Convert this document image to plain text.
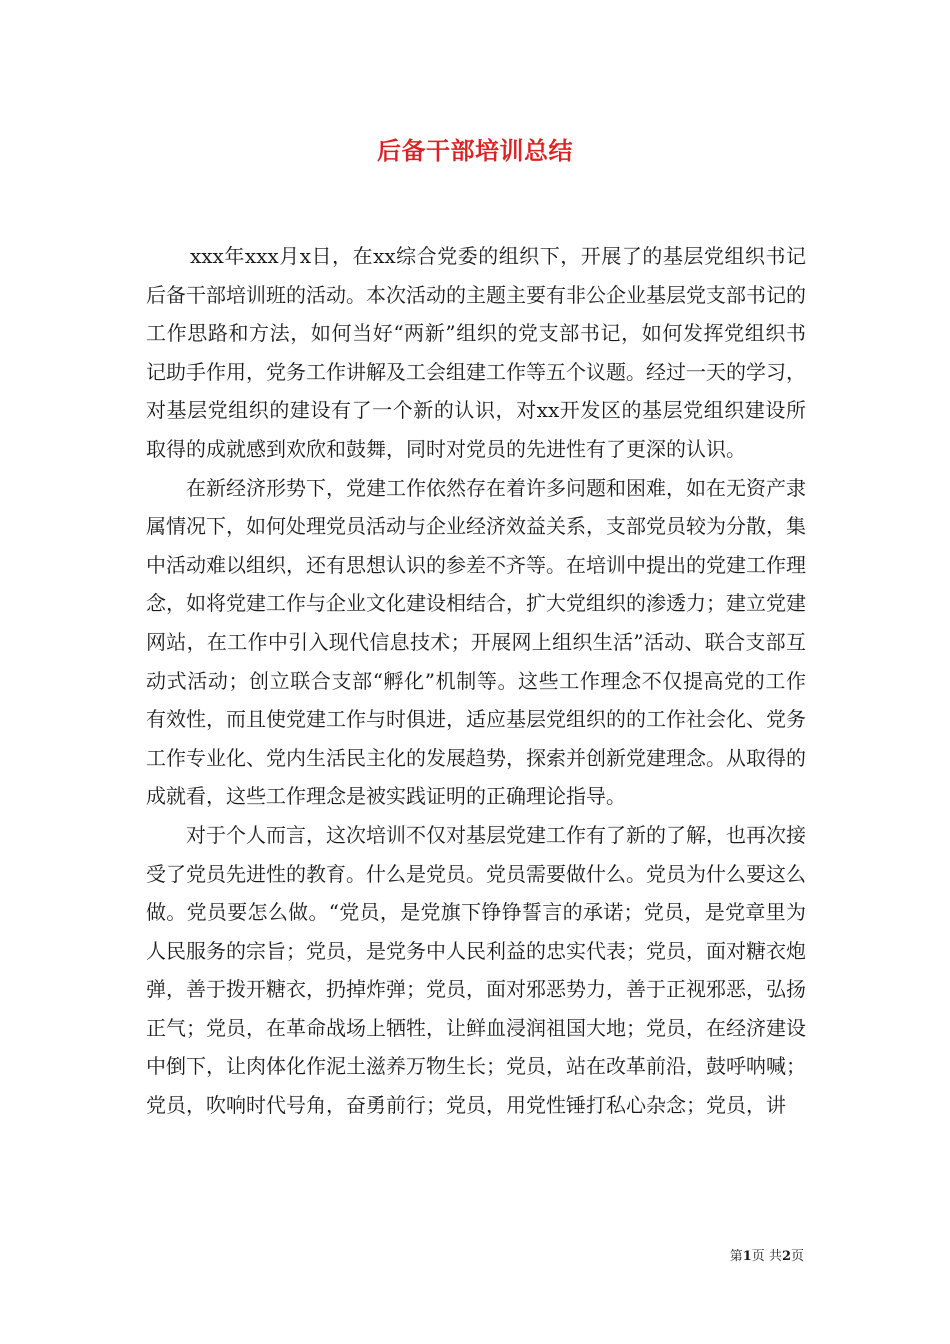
后备干部培训总结

xxx年xxx月x日，在xx综合党委的组织下，开展了的基层党组织书记后备干部培训班的活动。本次活动的主题主要有非公企业基层党支部书记的工作思路和方法，如何当好“两新”组织的党支部书记，如何发挥党组织书记助手作用，党务工作讲解及工会组建工作等五个议题。经过一天的学习，对基层党组织的建设有了一个新的认识，对xx开发区的基层党组织建设所取得的成就感到欢欣和鼓舞，同时对党员的先进性有了更深的认识。

在新经济形势下，党建工作依然存在着许多问题和困难，如在无资产隶属情况下，如何处理党员活动与企业经济效益关系，支部党员较为分散，集中活动难以组织，还有思想认识的参差不齐等。在培训中提出的党建工作理念，如将党建工作与企业文化建设相结合，扩大党组织的渗透力；建立党建网站，在工作中引入现代信息技术；开展网上组织生活”活动、联合支部互动式活动；创立联合支部“孵化”机制等。这些工作理念不仅提高党的工作有效性，而且使党建工作与时俱进，适应基层党组织的的工作社会化、党务工作专业化、党内生活民主化的发展趋势，探索并创新党建理念。从取得的成就看，这些工作理念是被实践证明的正确理论指导。

对于个人而言，这次培训不仅对基层党建工作有了新的了解，也再次接受了党员先进性的教育。什么是党员。党员需要做什么。党员为什么要这么做。党员要怎么做。“党员，是党旗下铮铮誓言的承诺；党员，是党章里为人民服务的宗旨；党员，是党务中人民利益的忠实代表；党员，面对糖衣炮弹，善于拨开糖衣，扔掉炸弹；党员，面对邪恶势力，善于正视邪恶，弘扬正气；党员，在革命战场上牺牲，让鲜血浸润祖国大地；党员，在经济建设中倒下，让肉体化作泥土滋养万物生长；党员，站在改革前沿，鼓呼呐喊；党员，吹响时代号角，奋勇前行；党员，用党性锤打私心杂念；党员，讲

第1页 共2页
